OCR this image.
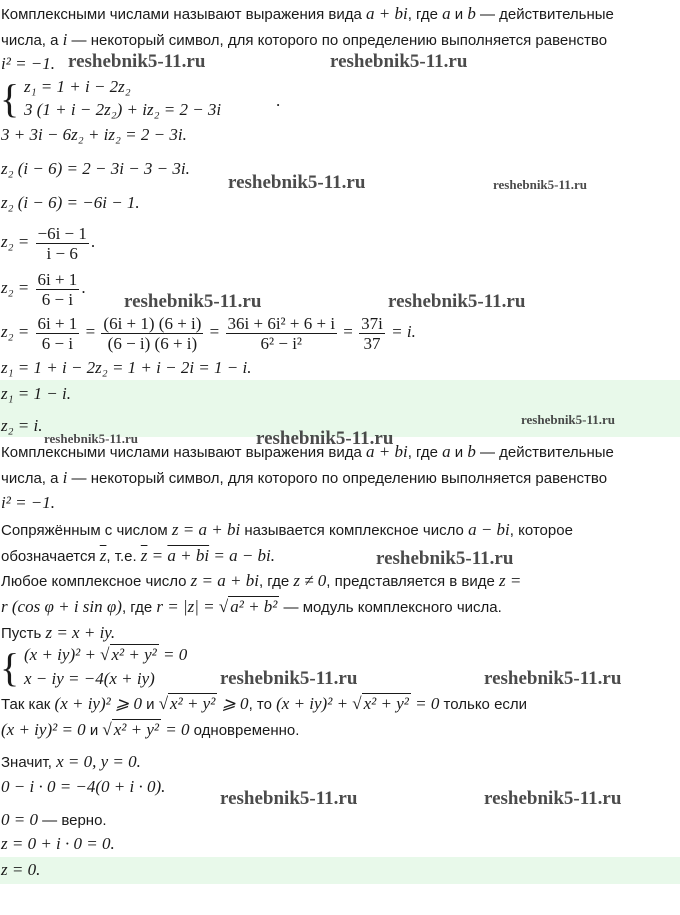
Комплексными числами называют выражения вида a + bi, где a и b — действительные
числа, а i — некоторый символ, для которого по определению выполняется равенство
i² = −1.
{ z₁ = 1 + i − 2z₂
3 (1 + i − 2z₂) + iz₂ = 2 − 3i	.
3 + 3i − 6z₂ + iz₂ = 2 − 3i.
z₂ (i − 6) = 2 − 3i − 3 − 3i.
z₂ (i − 6) = −6i − 1.
$z_2 = \frac{-6i - 1}{i - 6}$ .
$z_2 = \frac{6i + 1}{6 - i}$ .
$z_2 = \frac{6i + 1}{6 - i} = \frac{(6i + 1) (6 + i)}{(6 - i) (6 + i)} = \frac{\text{36i + 6i² + 6 + i}}{\text{6² − i²}} = \frac{37i}{37} = i$.
z₁ = 1 + i − 2z₂ = 1 + i − 2i = 1 − i.
z₁ = 1 − i.
z₂ = i.
Комплексными числами называют выражения вида a + bi, где a и b — действительные
числа, а i — некоторый символ, для которого по определению выполняется равенство
i² = −1.
Сопряжённым с числом z = a + bi называется комплексное число a − bi, которое
обозначается $\overline{z}$, т.е. $\overline{z} = a$ + bi = a − bi.
Любое комплексное число z = a + bi, где z ≠ 0, представляется в виде z =
r (cos φ + i sin φ), где r = |z| = √ a² + b² — модуль комплексного числа.
Пусть z = x + iy.
{ (x + iy)² + √ x² + y² = 0
x − iy = −4(x + iy)
Так как (x + iy)² ⩾ 0 и √ x² + y² ⩾ 0, то (x + iy)² + √ x² + y² = 0 только если
(x + iy)² = 0 и √ x² + y² = 0 одновременно.
Значит, x = 0, y = 0.
0 − i · 0 = −4(0 + i · 0).
0 = 0 — верно.
z = 0 + i · 0 = 0.
z = 0.
reshebnik5-11.ru	reshebnik5-11.ru
reshebnik5-11.ru	reshebnik5-11.ru
reshebnik5-11.ru	reshebnik5-11.ru
reshebnik5-11.ru
reshebnik5-11.ru	reshebnik5-11.ru
reshebnik5-11.ru
reshebnik5-11.ru	reshebnik5-11.ru
reshebnik5-11.ru	reshebnik5-11.ru
